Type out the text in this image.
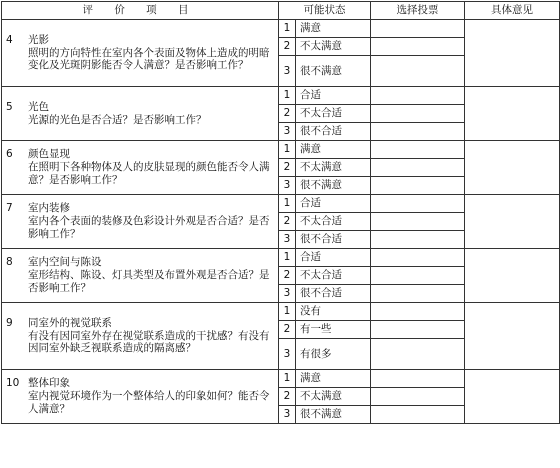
评 价 项 目	可能状态		选择投票	具体意见

4 光影
照明的方向特性在室内各个表面及物体上造成的明暗变化及光斑阴影能否令人满意？是否影响工作？	1	满意		
	2	不太满意		
	3	很不满意		

5 光色
光源的光色是否合适？是否影响工作？	1	合适		
	2	不太合适		
	3	很不合适		

6 颜色显现
在照明下各种物体及人的皮肤显现的颜色能否令人满意？是否影响工作？	1	满意		
	2	不太满意		
	3	很不满意		

7 室内装修
室内各个表面的装修及色彩设计外观是否合适？是否影响工作？	1	合适		
	2	不太合适		
	3	很不合适		

8 室内空间与陈设
室形结构、陈设、灯具类型及布置外观是否合适？是否影响工作？	1	合适		
	2	不太合适		
	3	很不合适		

9 同室外的视觉联系
有没有因同室外存在视觉联系造成的干扰感？有没有因同室外缺乏视联系造成的隔离感？	1	没有		
	2	有一些		
	3	有很多		

10 整体印象
室内视觉环境作为一个整体给人的印象如何？能否令人满意？	1	满意		
	2	不太满意		
	3	很不满意		
